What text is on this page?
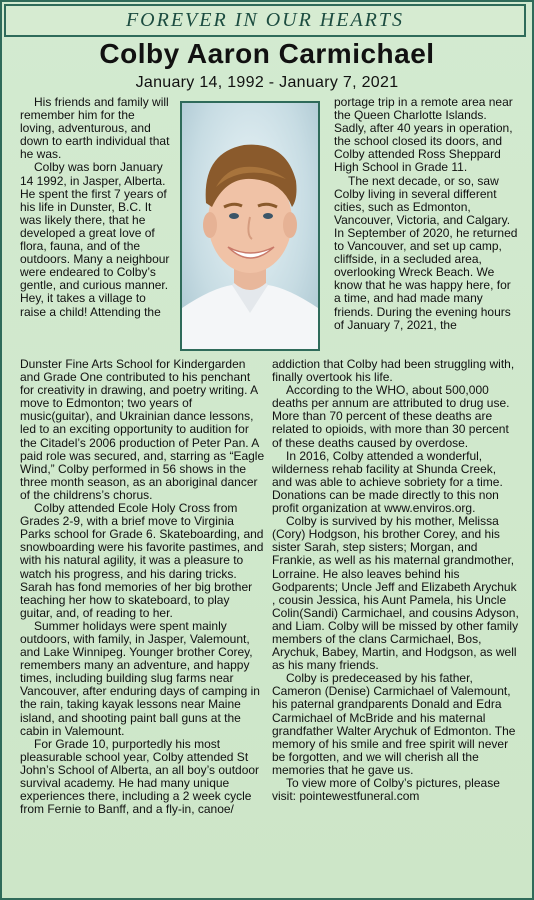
FOREVER IN OUR HEARTS
Colby Aaron Carmichael
January 14, 1992 - January 7, 2021

His friends and family will remember him for the loving, adventurous, and down to earth individual that he was.

Colby was born January 14 1992, in Jasper, Alberta. He spent the first 7 years of his life in Dunster, B.C. It was likely there, that he developed a great love of flora, fauna, and of the outdoors. Many a neighbour were endeared to Colby’s gentle, and curious manner. Hey, it takes a village to raise a child! Attending the

Dunster Fine Arts School for Kindergarden and Grade One contributed to his penchant for creativity in drawing, and poetry writing. A move to Edmonton; two years of music(guitar), and Ukrainian dance lessons, led to an exciting opportunity to audition for the Citadel’s 2006 production of Peter Pan. A paid role was secured, and, starring as “Eagle Wind,” Colby performed in 56 shows in the three month season, as an aboriginal dancer of the childrens’s chorus.

Colby attended Ecole Holy Cross from Grades 2-9, with a brief move to Virginia Parks school for Grade 6. Skateboarding, and snowboarding were his favorite pastimes, and with his natural agility, it was a pleasure to watch his progress, and his daring tricks. Sarah has fond memories of her big brother teaching her how to skateboard, to play guitar, and, of reading to her.

Summer holidays were spent mainly outdoors, with family, in Jasper, Valemount, and Lake Winnipeg. Younger brother Corey, remembers many an adventure, and happy times, including building slug farms near Vancouver, after enduring days of camping in the rain, taking kayak lessons near Maine island, and shooting paint ball guns at the cabin in Valemount.

For Grade 10, purportedly his most pleasurable school year, Colby attended St John’s School of Alberta, an all boy’s outdoor survival academy. He had many unique experiences there, including a 2 week cycle from Fernie to Banff, and a fly-in, canoe/

portage trip in a remote area near the Queen Charlotte Islands. Sadly, after 40 years in operation, the school closed its doors, and Colby attended Ross Sheppard High School in Grade 11.

The next decade, or so, saw Colby living in several different cities, such as Edmonton, Vancouver, Victoria, and Calgary. In September of 2020, he returned to Vancouver, and set up camp, cliffside, in a secluded area, overlooking Wreck Beach. We know that he was happy here, for a time, and had made many friends. During the evening hours of January 7, 2021, the

addiction that Colby had been struggling with, finally overtook his life.

According to the WHO, about 500,000 deaths per annum are attributed to drug use. More than 70 percent of these deaths are related to opioids, with more than 30 percent of these deaths caused by overdose.

In 2016, Colby attended a wonderful, wilderness rehab facility at Shunda Creek, and was able to achieve sobriety for a time. Donations can be made directly to this non profit organization at www.enviros.org.

Colby is survived by his mother, Melissa (Cory) Hodgson, his brother Corey, and his sister Sarah, step sisters; Morgan, and Frankie, as well as his maternal grandmother, Lorraine. He also leaves behind his Godparents; Uncle Jeff and Elizabeth Arychuk , cousin Jessica, his Aunt Pamela, his Uncle Colin(Sandi) Carmichael, and cousins Adyson, and Liam. Colby will be missed by other family members of the clans Carmichael, Bos, Arychuk, Babey, Martin, and Hodgson, as well as his many friends.

Colby is predeceased by his father, Cameron (Denise) Carmichael of Valemount, his paternal grandparents Donald and Edra Carmichael of McBride and his maternal grandfather Walter Arychuk of Edmonton. The memory of his smile and free spirit will never be forgotten, and we will cherish all the memories that he gave us.

To view more of Colby’s pictures, please visit: pointewestfuneral.com
